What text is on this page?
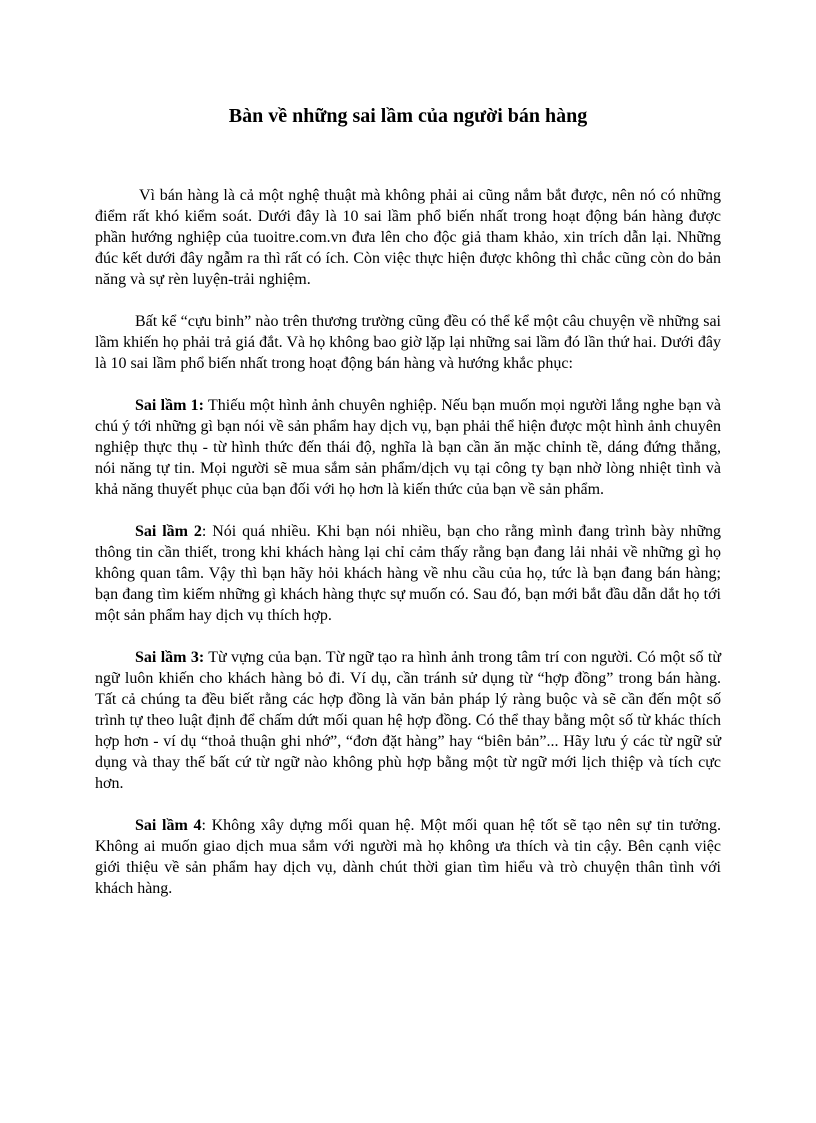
Bàn về những sai lầm của người bán hàng

Vì bán hàng là cả một nghệ thuật mà không phải ai cũng nắm bắt được, nên nó có những điểm rất khó kiểm soát. Dưới đây là 10 sai lầm phổ biến nhất trong hoạt động bán hàng được phần hướng nghiệp của tuoitre.com.vn đưa lên cho độc giả tham khảo, xin trích dẫn lại. Những đúc kết dưới đây ngẫm ra thì rất có ích. Còn việc thực hiện được không thì chắc cũng còn do bản năng và sự rèn luyện-trải nghiệm.

Bất kể “cựu binh” nào trên thương trường cũng đều có thể kể một câu chuyện về những sai lầm khiến họ phải trả giá đắt. Và họ không bao giờ lặp lại những sai lầm đó lần thứ hai. Dưới đây là 10 sai lầm phổ biến nhất trong hoạt động bán hàng và hướng khắc phục:

Sai lầm 1: Thiếu một hình ảnh chuyên nghiệp. Nếu bạn muốn mọi người lắng nghe bạn và chú ý tới những gì bạn nói về sản phẩm hay dịch vụ, bạn phải thể hiện được một hình ảnh chuyên nghiệp thực thụ - từ hình thức đến thái độ, nghĩa là bạn cần ăn mặc chỉnh tề, dáng đứng thẳng, nói năng tự tin. Mọi người sẽ mua sắm sản phẩm/dịch vụ tại công ty bạn nhờ lòng nhiệt tình và khả năng thuyết phục của bạn đối với họ hơn là kiến thức của bạn về sản phẩm.

Sai lầm 2: Nói quá nhiều. Khi bạn nói nhiều, bạn cho rằng mình đang trình bày những thông tin cần thiết, trong khi khách hàng lại chỉ cảm thấy rằng bạn đang lải nhải về những gì họ không quan tâm. Vậy thì bạn hãy hỏi khách hàng về nhu cầu của họ, tức là bạn đang bán hàng; bạn đang tìm kiếm những gì khách hàng thực sự muốn có. Sau đó, bạn mới bắt đầu dẫn dắt họ tới một sản phẩm hay dịch vụ thích hợp.

Sai lầm 3: Từ vựng của bạn. Từ ngữ tạo ra hình ảnh trong tâm trí con người. Có một số từ ngữ luôn khiến cho khách hàng bỏ đi. Ví dụ, cần tránh sử dụng từ “hợp đồng” trong bán hàng. Tất cả chúng ta đều biết rằng các hợp đồng là văn bản pháp lý ràng buộc và sẽ cần đến một số trình tự theo luật định để chấm dứt mối quan hệ hợp đồng. Có thể thay bằng một số từ khác thích hợp hơn - ví dụ “thoả thuận ghi nhớ”, “đơn đặt hàng” hay “biên bản”... Hãy lưu ý các từ ngữ sử dụng và thay thế bất cứ từ ngữ nào không phù hợp bằng một từ ngữ mới lịch thiệp và tích cực hơn.

Sai lầm 4: Không xây dựng mối quan hệ. Một mối quan hệ tốt sẽ tạo nên sự tin tưởng. Không ai muốn giao dịch mua sắm với người mà họ không ưa thích và tin cậy. Bên cạnh việc giới thiệu về sản phẩm hay dịch vụ, dành chút thời gian tìm hiểu và trò chuyện thân tình với khách hàng.
